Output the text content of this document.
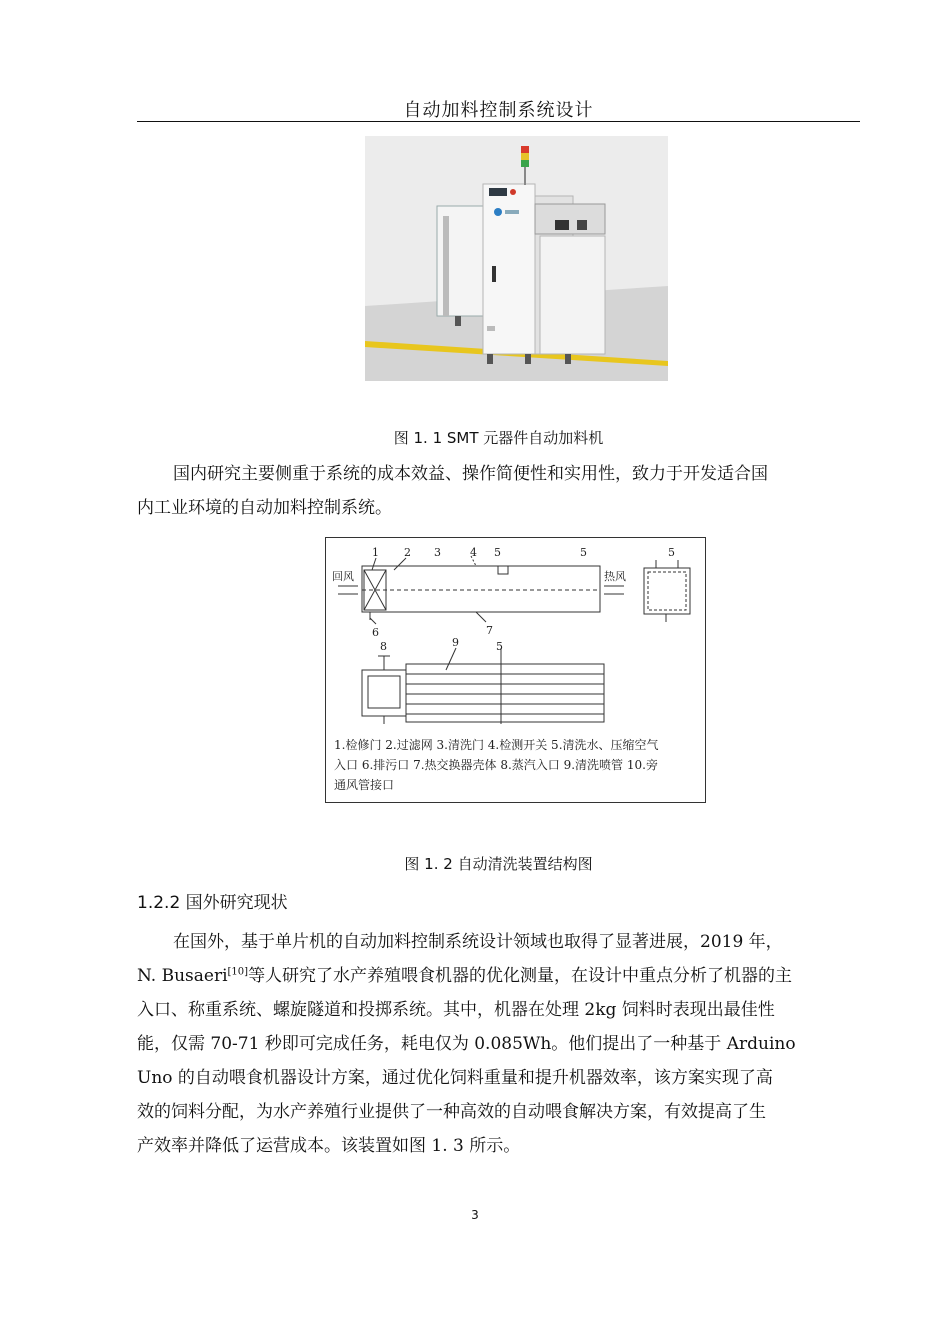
自动加料控制系统设计
图 1. 1 SMT 元器件自动加料机
国内研究主要侧重于系统的成本效益、操作简便性和实用性，致力于开发适合国
内工业环境的自动加料控制系统。
1 2 3	4 5	5	5
回风	热风
6	7
8	9	5
1.检修门 2.过滤网 3.清洗门 4.检测开关 5.清洗水、压缩空气
入口 6.排污口 7.热交换器壳体 8.蒸汽入口 9.清洗喷管 10.旁
通风管接口
图 1. 2 自动清洗装置结构图
1.2.2 国外研究现状
在国外，基于单片机的自动加料控制系统设计领域也取得了显著进展，2019 年，
N. Busaeri[10]等人研究了水产养殖喂食机器的优化测量，在设计中重点分析了机器的主
入口、称重系统、螺旋隧道和投掷系统。其中，机器在处理 2kg 饲料时表现出最佳性
能，仅需 70-71 秒即可完成任务，耗电仅为 0.085Wh。他们提出了一种基于 Arduino
Uno 的自动喂食机器设计方案，通过优化饲料重量和提升机器效率，该方案实现了高
效的饲料分配，为水产养殖行业提供了一种高效的自动喂食解决方案，有效提高了生
产效率并降低了运营成本。该装置如图 1. 3 所示。
3
